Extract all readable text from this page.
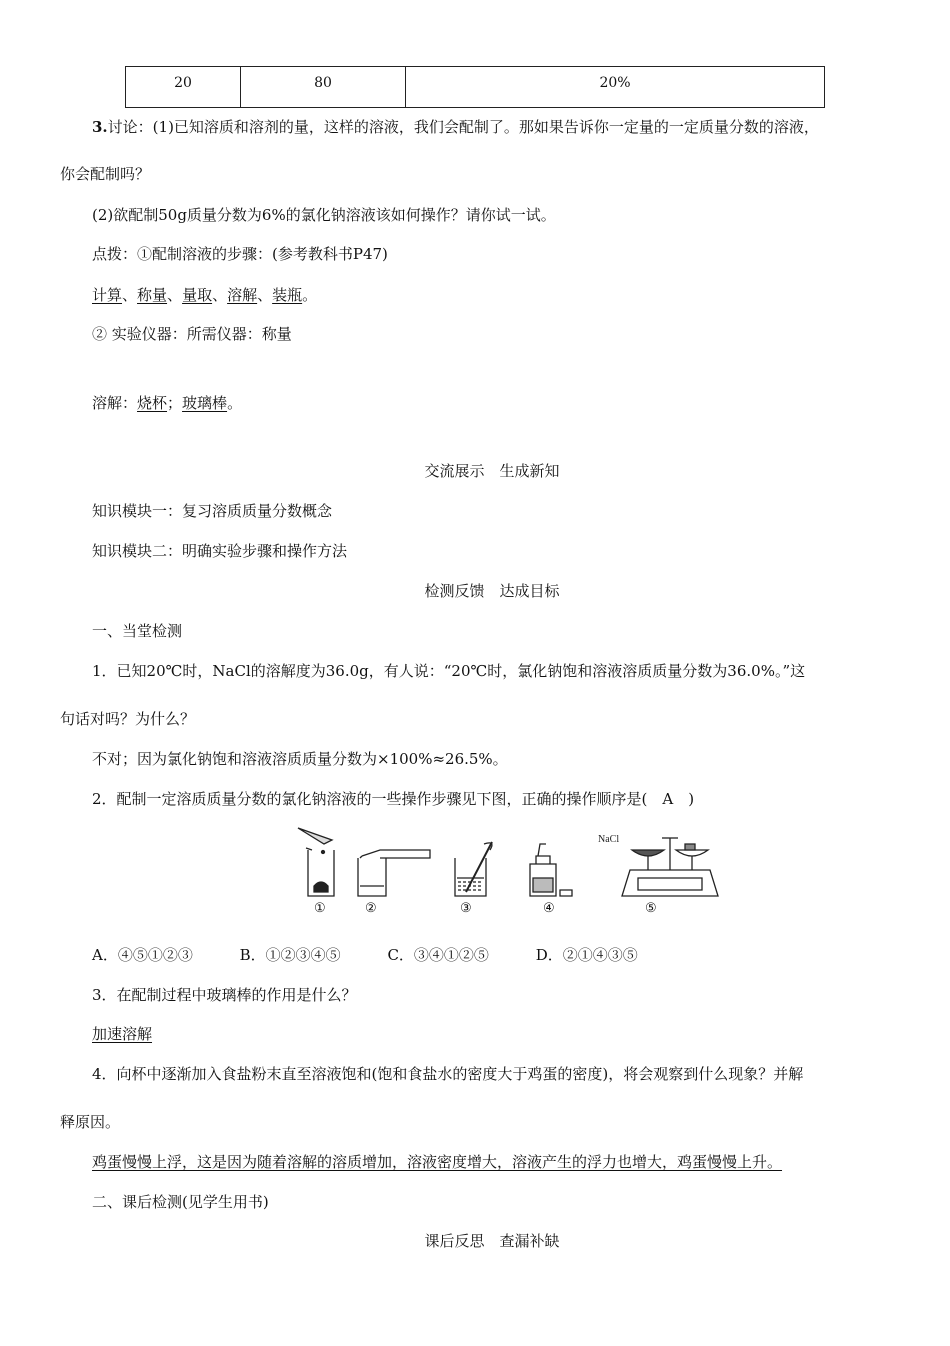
20	80	20%
3.讨论：(1)已知溶质和溶剂的量，这样的溶液，我们会配制了。那如果告诉你一定量的一定质量分数的溶液，
你会配制吗？
(2)欲配制50g质量分数为6%的氯化钠溶液该如何操作？请你试一试。
点拨：①配制溶液的步骤：(参考教科书P47)
计算、称量、量取、溶解、装瓶。
② 实验仪器：所需仪器：称量
溶解：烧杯；玻璃棒。
交流展示　生成新知
知识模块一：复习溶质质量分数概念
知识模块二：明确实验步骤和操作方法
检测反馈　达成目标
一、当堂检测
1．已知20℃时，NaCl的溶解度为36.0g，有人说：“20℃时，氯化钠饱和溶液溶质质量分数为36.0%。”这
句话对吗？为什么？
不对；因为氯化钠饱和溶液溶质质量分数为×100%≈26.5%。
2．配制一定溶质质量分数的氯化钠溶液的一些操作步骤见下图，正确的操作顺序是(　A　)
NaCl
①	②	③	④	⑤
A．④⑤①②③	B．①②③④⑤	C．③④①②⑤	D．②①④③⑤
3．在配制过程中玻璃棒的作用是什么？
加速溶解
4．向杯中逐渐加入食盐粉末直至溶液饱和(饱和食盐水的密度大于鸡蛋的密度)，将会观察到什么现象？并解
释原因。
鸡蛋慢慢上浮，这是因为随着溶解的溶质增加，溶液密度增大，溶液产生的浮力也增大，鸡蛋慢慢上升。
二、课后检测(见学生用书)
课后反思　查漏补缺
